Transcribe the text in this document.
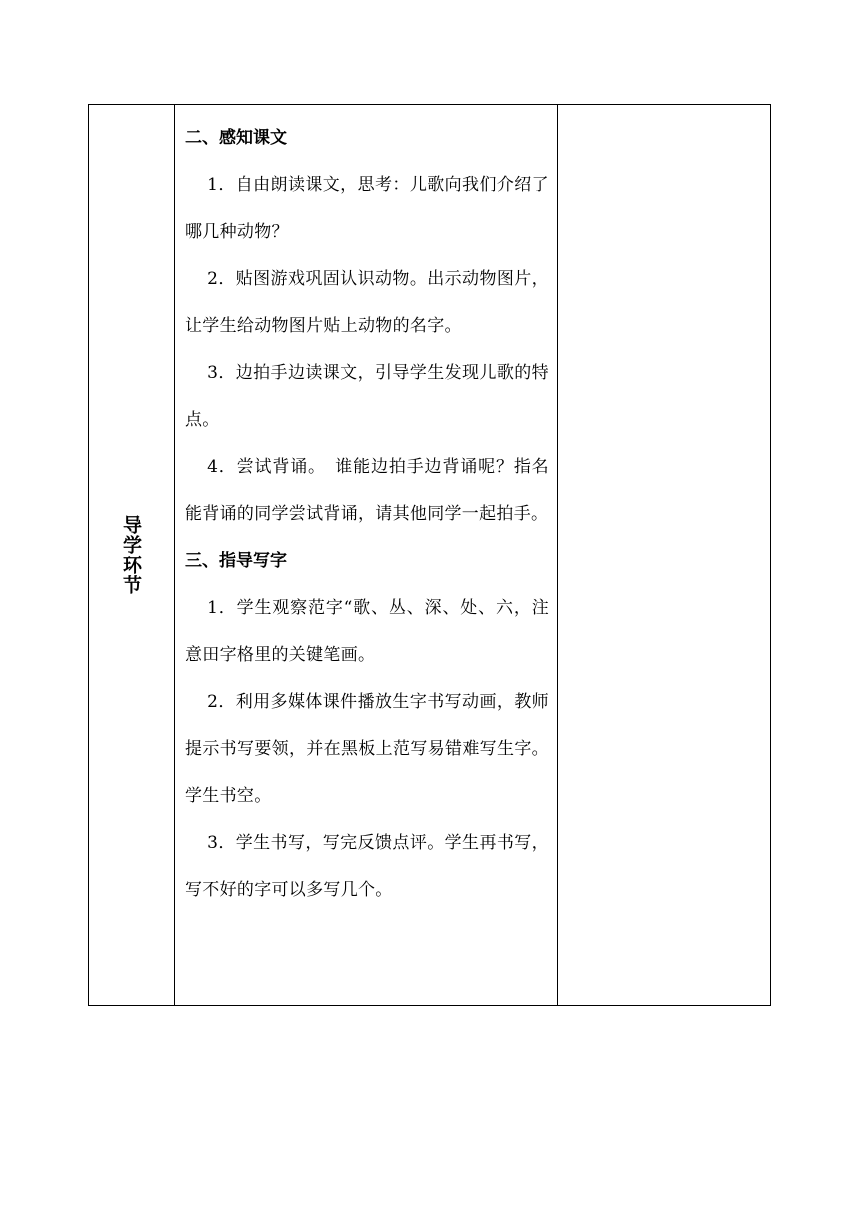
导学环节

二、感知课文

1．自由朗读课文，思考：儿歌向我们介绍了哪几种动物？

2．贴图游戏巩固认识动物。出示动物图片，让学生给动物图片贴上动物的名字。

3．边拍手边读课文，引导学生发现儿歌的特点。

4．尝试背诵。　谁能边拍手边背诵呢？指名能背诵的同学尝试背诵，请其他同学一起拍手。

三、指导写字

1．学生观察范字“歌、丛、深、处、六，注意田字格里的关键笔画。

2．利用多媒体课件播放生字书写动画，教师提示书写要领，并在黑板上范写易错难写生字。学生书空。

3．学生书写，写完反馈点评。学生再书写，写不好的字可以多写几个。
